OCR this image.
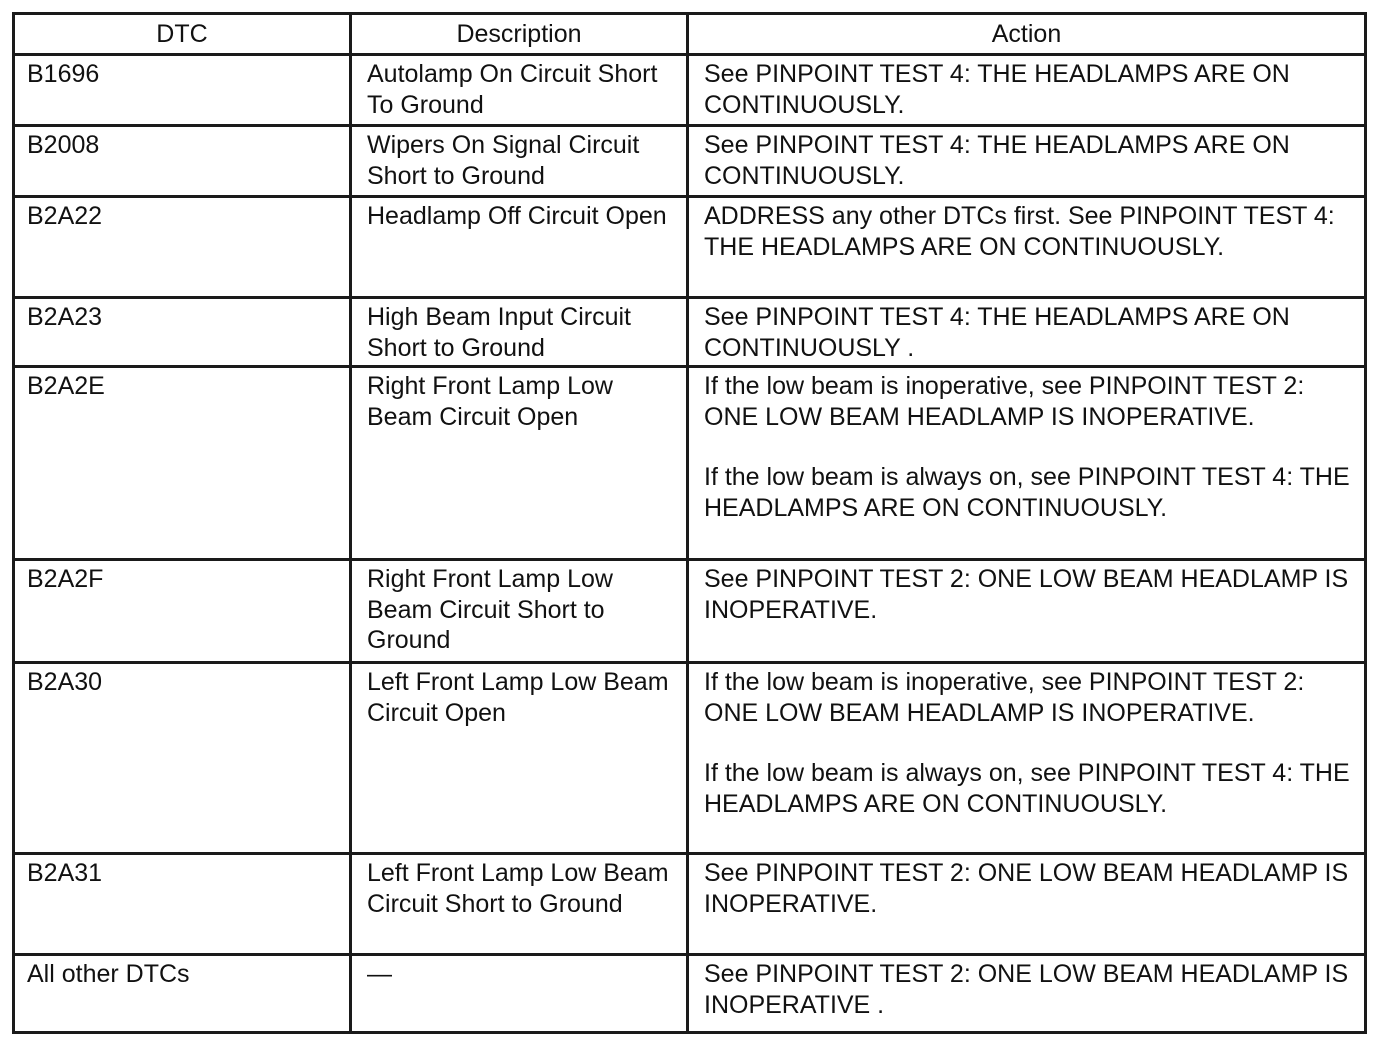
DTC	Description	Action
B1696	Autolamp On Circuit Short To Ground	See PINPOINT TEST 4: THE HEADLAMPS ARE ON CONTINUOUSLY.

B2008	Wipers On Signal Circuit Short to Ground	See PINPOINT TEST 4: THE HEADLAMPS ARE ON CONTINUOUSLY.

B2A22	Headlamp Off Circuit Open	ADDRESS any other DTCs first. See PINPOINT TEST 4: THE HEADLAMPS ARE ON CONTINUOUSLY.

B2A23	High Beam Input Circuit Short to Ground	See PINPOINT TEST 4: THE HEADLAMPS ARE ON CONTINUOUSLY .

B2A2E	Right Front Lamp Low Beam Circuit Open	If the low beam is inoperative, see PINPOINT TEST 2: ONE LOW BEAM HEADLAMP IS INOPERATIVE.

If the low beam is always on, see PINPOINT TEST 4: THE HEADLAMPS ARE ON CONTINUOUSLY.

B2A2F	Right Front Lamp Low Beam Circuit Short to Ground	See PINPOINT TEST 2: ONE LOW BEAM HEADLAMP IS INOPERATIVE.

B2A30	Left Front Lamp Low Beam Circuit Open	If the low beam is inoperative, see PINPOINT TEST 2: ONE LOW BEAM HEADLAMP IS INOPERATIVE.

If the low beam is always on, see PINPOINT TEST 4: THE HEADLAMPS ARE ON CONTINUOUSLY.

B2A31	Left Front Lamp Low Beam Circuit Short to Ground	See PINPOINT TEST 2: ONE LOW BEAM HEADLAMP IS INOPERATIVE.

All other DTCs	—	See PINPOINT TEST 2: ONE LOW BEAM HEADLAMP IS INOPERATIVE .
